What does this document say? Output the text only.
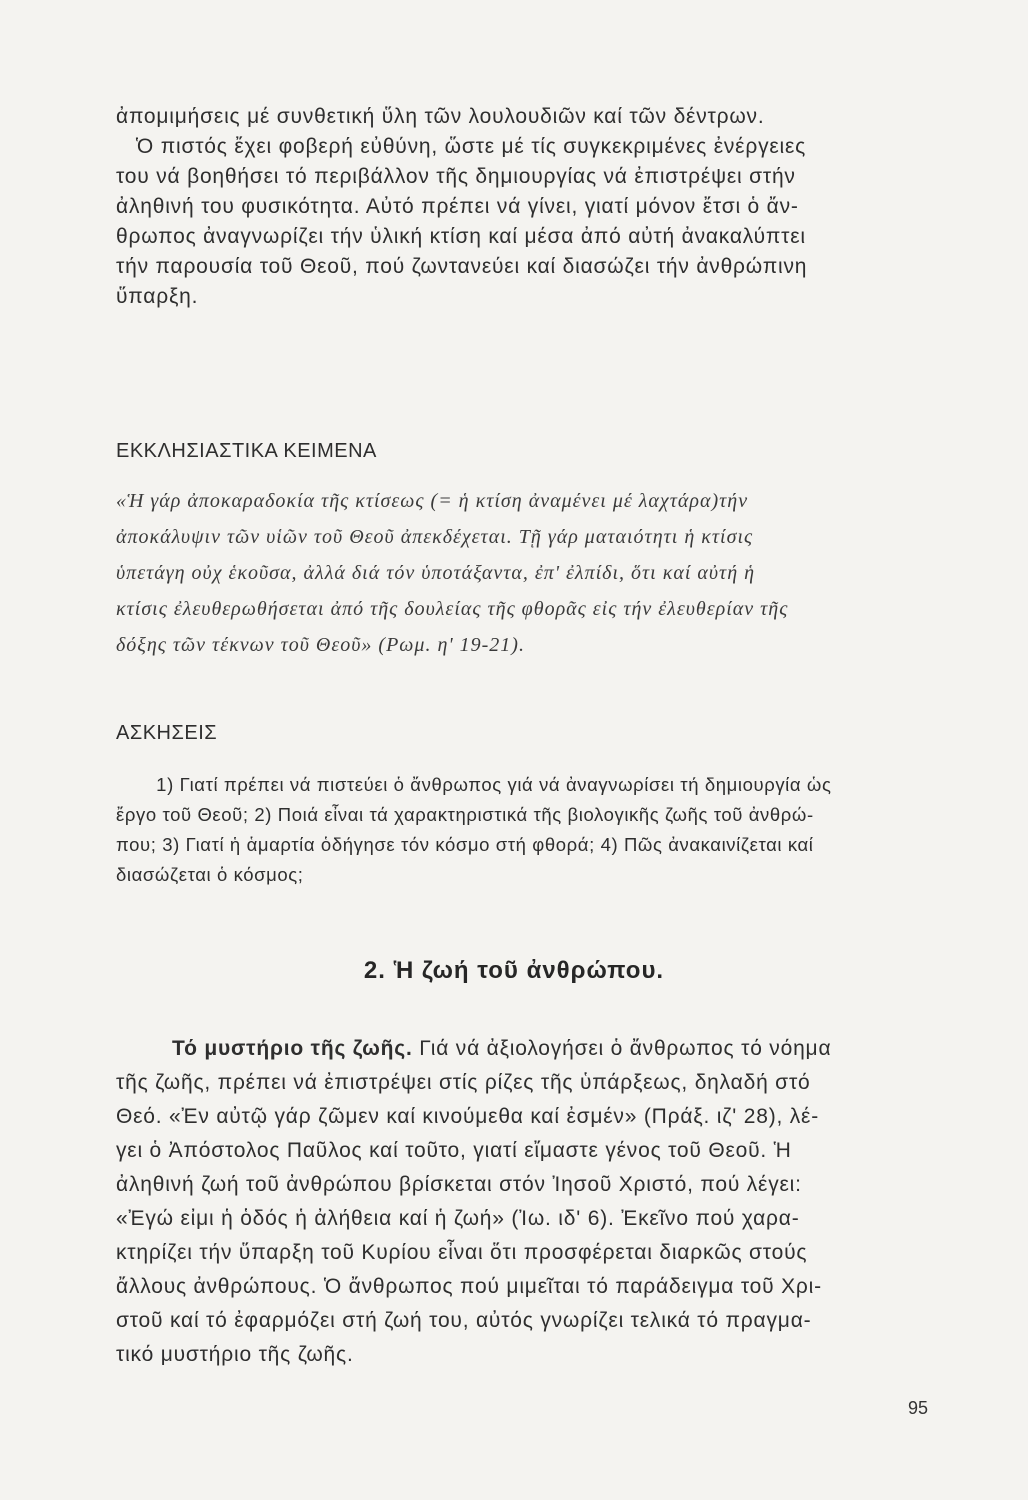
ἀπομιμήσεις μέ συνθετική ὕλη τῶν λουλουδιῶν καί τῶν δέντρων.
Ὁ πιστός ἔχει φοβερή εὐθύνη, ὥστε μέ τίς συγκεκριμένες ἐνέργειες
του νά βοηθήσει τό περιβάλλον τῆς δημιουργίας νά ἐπιστρέψει στήν
ἀληθινή του φυσικότητα. Αὐτό πρέπει νά γίνει, γιατί μόνον ἔτσι ὁ ἄν-
θρωπος ἀναγνωρίζει τήν ὑλική κτίση καί μέσα ἀπό αὐτή ἀνακαλύπτει
τήν παρουσία τοῦ Θεοῦ, πού ζωντανεύει καί διασώζει τήν ἀνθρώπινη
ὕπαρξη.
ΕΚΚΛΗΣΙΑΣΤΙΚΑ ΚΕΙΜΕΝΑ
«Ἡ γάρ ἀποκαραδοκία τῆς κτίσεως (= ἡ κτίση ἀναμένει μέ λαχτάρα)τήν
ἀποκάλυψιν τῶν υἱῶν τοῦ Θεοῦ ἀπεκδέχεται. Τῇ γάρ ματαιότητι ἡ κτίσις
ὑπετάγη οὐχ ἑκοῦσα, ἀλλά διά τόν ὑποτάξαντα, ἐπ' ἐλπίδι, ὅτι καί αὐτή ἡ
κτίσις ἐλευθερωθήσεται ἀπό τῆς δουλείας τῆς φθορᾶς εἰς τήν ἐλευθερίαν τῆς
δόξης τῶν τέκνων τοῦ Θεοῦ» (Ρωμ. η' 19-21).
ΑΣΚΗΣΕΙΣ
1) Γιατί πρέπει νά πιστεύει ὁ ἄνθρωπος γιά νά ἀναγνωρίσει τή δημιουργία ὡς
ἔργο τοῦ Θεοῦ; 2) Ποιά εἶναι τά χαρακτηριστικά τῆς βιολογικῆς ζωῆς τοῦ ἀνθρώ-
που; 3) Γιατί ἡ ἁμαρτία ὁδήγησε τόν κόσμο στή φθορά; 4) Πῶς ἀνακαινίζεται καί
διασώζεται ὁ κόσμος;
2. Ἡ ζωή τοῦ ἀνθρώπου.
Τό μυστήριο τῆς ζωῆς. Γιά νά ἀξιολογήσει ὁ ἄνθρωπος τό νόημα
τῆς ζωῆς, πρέπει νά ἐπιστρέψει στίς ρίζες τῆς ὑπάρξεως, δηλαδή στό
Θεό. «Ἐν αὐτῷ γάρ ζῶμεν καί κινούμεθα καί ἐσμέν» (Πράξ. ιζ' 28), λέ-
γει ὁ Ἀπόστολος Παῦλος καί τοῦτο, γιατί εἴμαστε γένος τοῦ Θεοῦ. Ἡ
ἀληθινή ζωή τοῦ ἀνθρώπου βρίσκεται στόν Ἰησοῦ Χριστό, πού λέγει:
«Ἐγώ εἰμι ἡ ὁδός ἡ ἀλήθεια καί ἡ ζωή» (Ἰω. ιδ' 6). Ἐκεῖνο πού χαρα-
κτηρίζει τήν ὕπαρξη τοῦ Κυρίου εἶναι ὅτι προσφέρεται διαρκῶς στούς
ἄλλους ἀνθρώπους. Ὁ ἄνθρωπος πού μιμεῖται τό παράδειγμα τοῦ Χρι-
στοῦ καί τό ἐφαρμόζει στή ζωή του, αὐτός γνωρίζει τελικά τό πραγμα-
τικό μυστήριο τῆς ζωῆς.
95
